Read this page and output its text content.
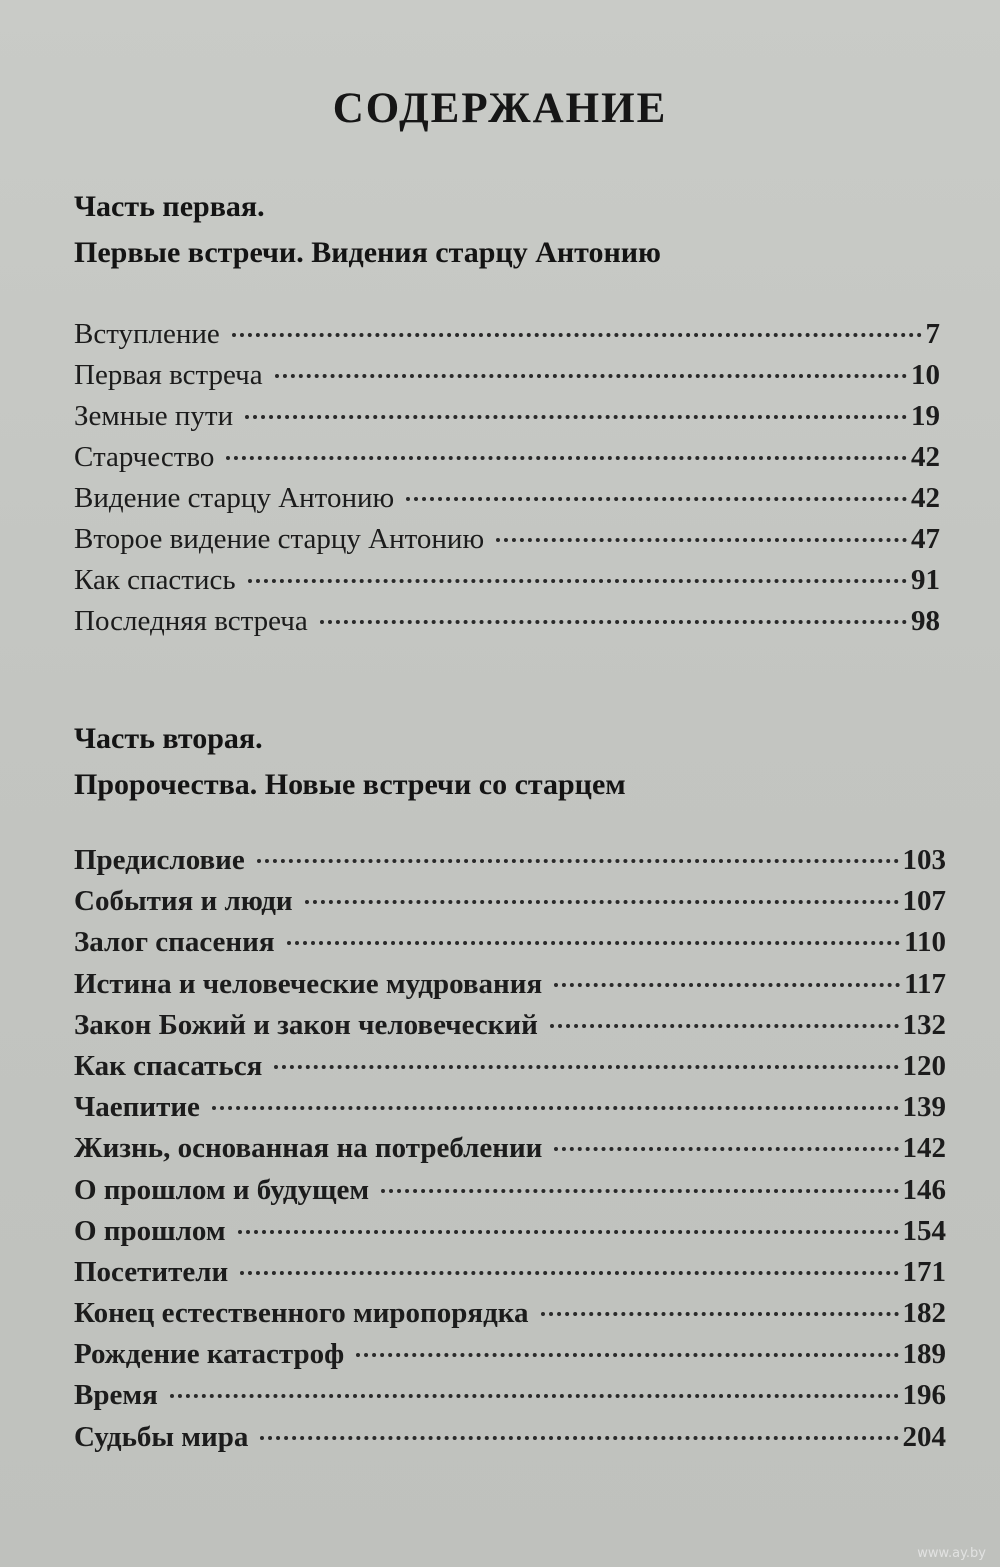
СОДЕРЖАНИЕ

Часть первая.

Первые встречи. Видения старцу Антонию

Вступление	7
Первая встреча	10
Земные пути	19
Старчество	42
Видение старцу Антонию	42
Второе видение старцу Антонию	47
Как спастись	91
Последняя встреча	98

Часть вторая.

Пророчества. Новые встречи со старцем

Предисловие	103
События и люди	107
Залог спасения	110
Истина и человеческие мудрования	117
Закон Божий и закон человеческий	132
Как спасаться	120
Чаепитие	139
Жизнь, основанная на потреблении	142
О прошлом и будущем	146
О прошлом	154
Посетители	171
Конец естественного миропорядка	182
Рождение катастроф	189
Время	196
Судьбы мира	204
www.ay.by
